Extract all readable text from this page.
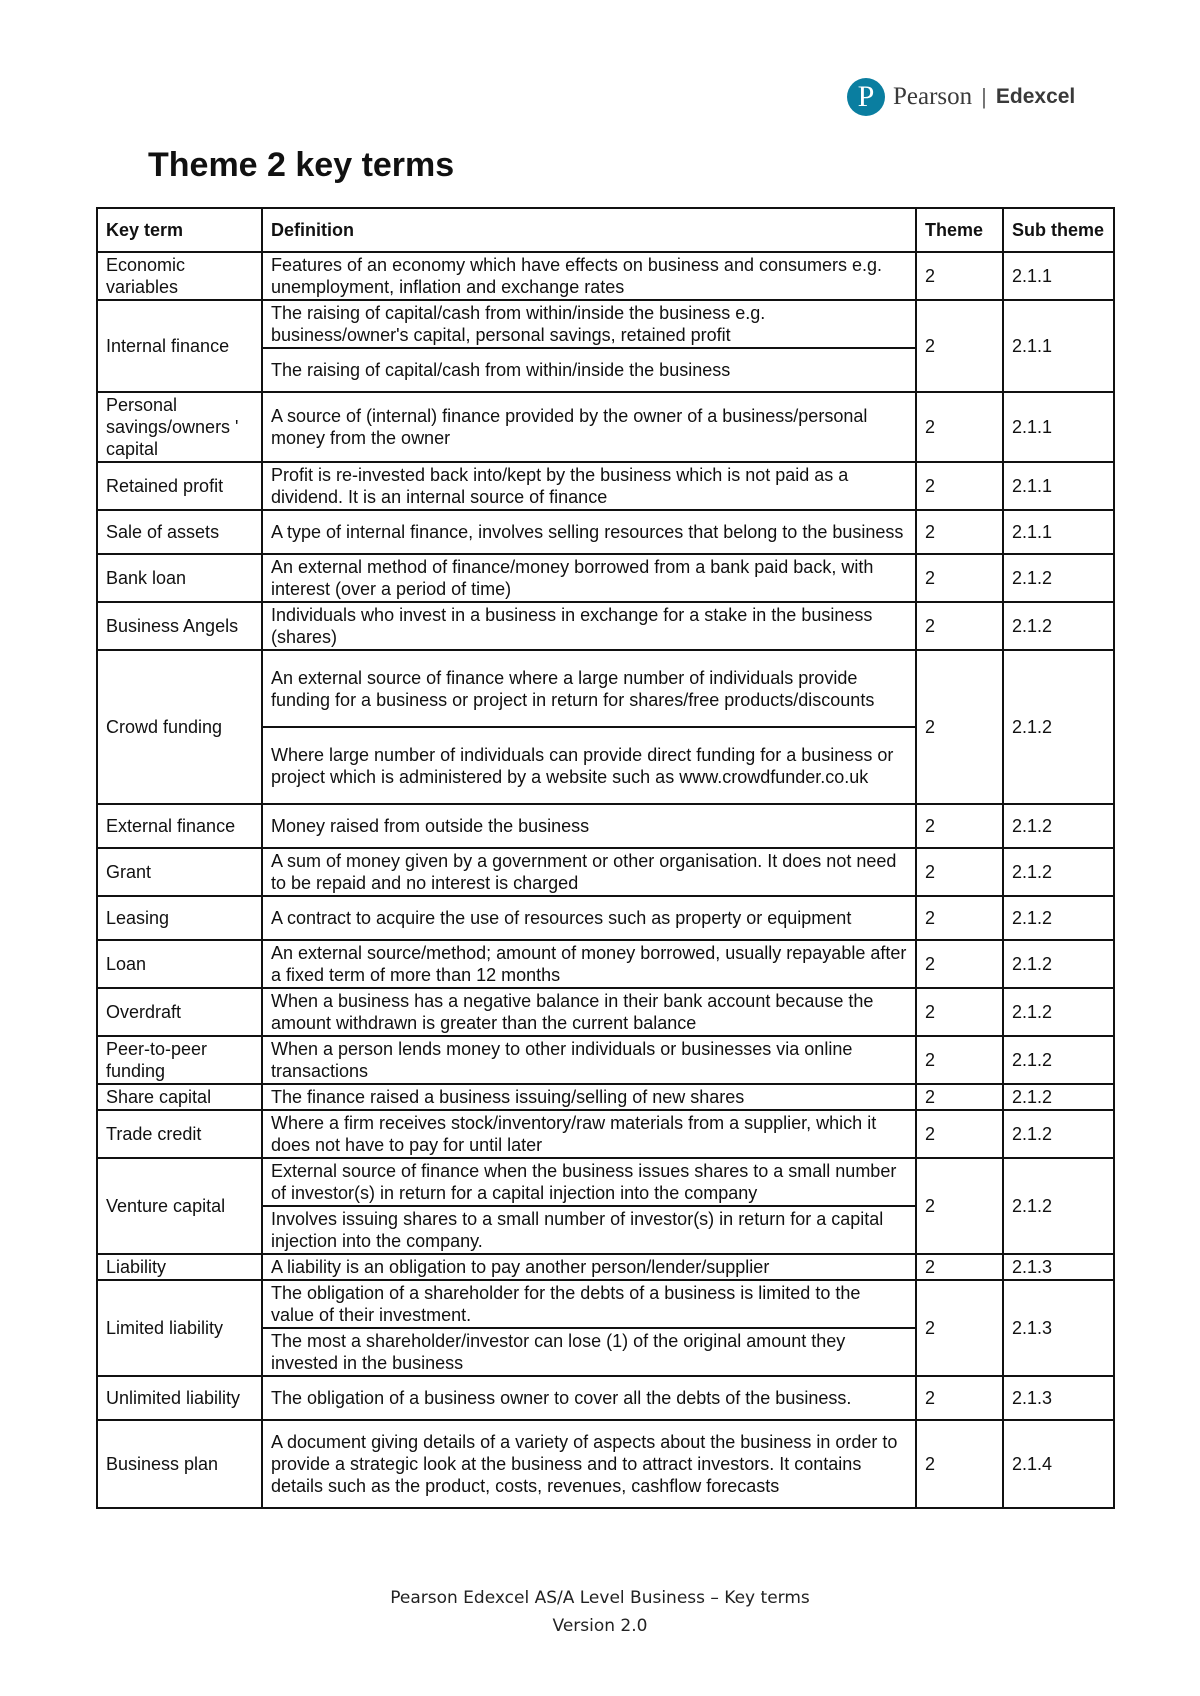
P Pearson | Edexcel
Theme 2 key terms
Key term	Definition	Theme	Sub theme
Economic variables	Features of an economy which have effects on business and consumers e.g. unemployment, inflation and exchange rates	2	2.1.1
Internal finance	The raising of capital/cash from within/inside the business e.g. business/owner's capital, personal savings, retained profit	2	2.1.1
	The raising of capital/cash from within/inside the business		
Personal savings/owners ' capital	A source of (internal) finance provided by the owner of a business/personal money from the owner	2	2.1.1
Retained profit	Profit is re-invested back into/kept by the business which is not paid as a dividend. It is an internal source of finance	2	2.1.1
Sale of assets	A type of internal finance, involves selling resources that belong to the business	2	2.1.1
Bank loan	An external method of finance/money borrowed from a bank paid back, with interest (over a period of time)	2	2.1.2
Business Angels	Individuals who invest in a business in exchange for a stake in the business (shares)	2	2.1.2
Crowd funding	An external source of finance where a large number of individuals provide funding for a business or project in return for shares/free products/discounts	2	2.1.2
	Where large number of individuals can provide direct funding for a business or project which is administered by a website such as www.crowdfunder.co.uk		
External finance	Money raised from outside the business	2	2.1.2
Grant	A sum of money given by a government or other organisation. It does not need to be repaid and no interest is charged	2	2.1.2
Leasing	A contract to acquire the use of resources such as property or equipment	2	2.1.2
Loan	An external source/method; amount of money borrowed, usually repayable after a fixed term of more than 12 months	2	2.1.2
Overdraft	When a business has a negative balance in their bank account because the amount withdrawn is greater than the current balance	2	2.1.2
Peer-to-peer funding	When a person lends money to other individuals or businesses via online transactions	2	2.1.2
Share capital	The finance raised a business issuing/selling of new shares	2	2.1.2
Trade credit	Where a firm receives stock/inventory/raw materials from a supplier, which it does not have to pay for until later	2	2.1.2
Venture capital	External source of finance when the business issues shares to a small number of investor(s) in return for a capital injection into the company	2	2.1.2
	Involves issuing shares to a small number of investor(s) in return for a capital injection into the company.		
Liability	A liability is an obligation to pay another person/lender/supplier	2	2.1.3
Limited liability	The obligation of a shareholder for the debts of a business is limited to the value of their investment.	2	2.1.3
	The most a shareholder/investor can lose (1) of the original amount they invested in the business		
Unlimited liability	The obligation of a business owner to cover all the debts of the business.	2	2.1.3
Business plan	A document giving details of a variety of aspects about the business in order to provide a strategic look at the business and to attract investors. It contains details such as the product, costs, revenues, cashflow forecasts	2	2.1.4
Pearson Edexcel AS/A Level Business – Key terms
Version 2.0
